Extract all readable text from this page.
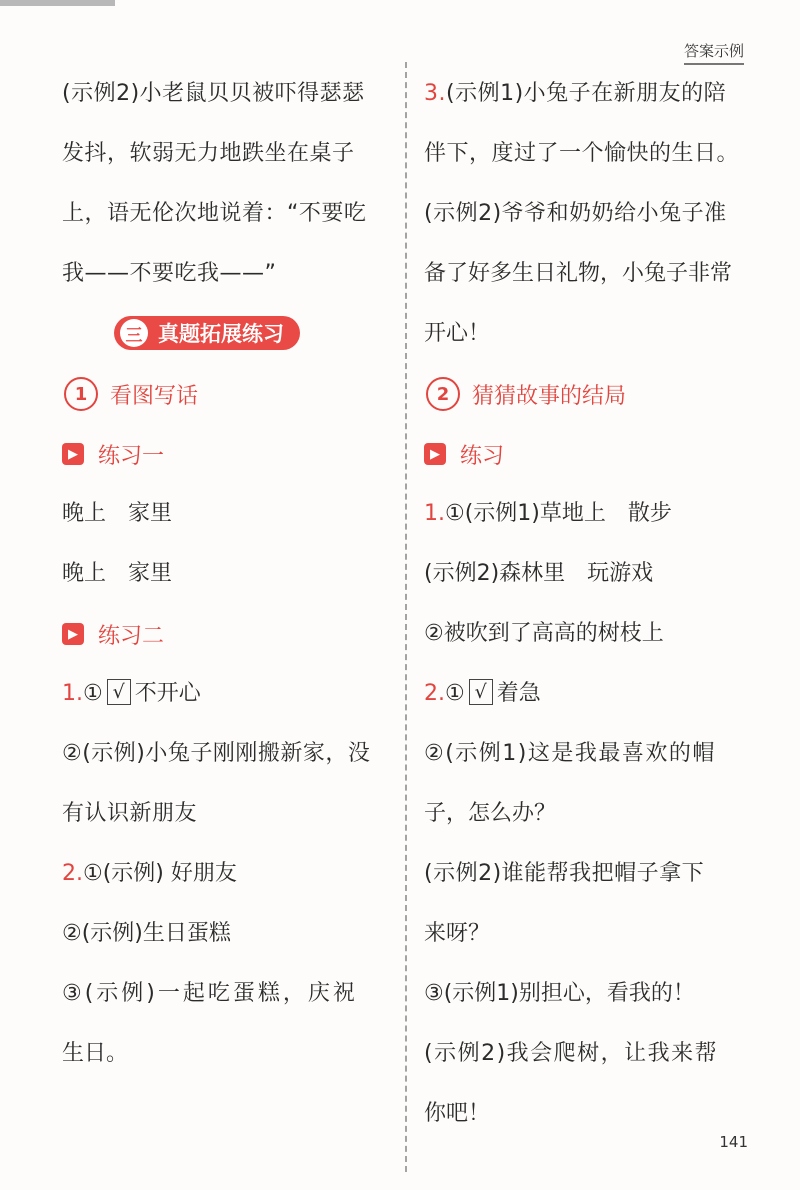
答案示例
(示例2)小老鼠贝贝被吓得瑟瑟
发抖，软弱无力地跌坐在桌子
上，语无伦次地说着：“不要吃
我——不要吃我——”
三 真题拓展练习
1	看图写话
▶ 练习一
晚上　家里
晚上　家里
▶ 练习二
1.① √ 不开心
②(示例)小兔子刚刚搬新家，没
有认识新朋友
2.①(示例) 好朋友
②(示例)生日蛋糕
③(示例)一起吃蛋糕，庆祝
生日。
3.(示例1)小兔子在新朋友的陪
伴下，度过了一个愉快的生日。
(示例2)爷爷和奶奶给小兔子准
备了好多生日礼物，小兔子非常
开心！
2	猜猜故事的结局
▶ 练习
1.①(示例1)草地上　散步
(示例2)森林里　玩游戏
②被吹到了高高的树枝上
2.① √ 着急
②(示例1)这是我最喜欢的帽
子，怎么办？
(示例2)谁能帮我把帽子拿下
来呀？
③(示例1)别担心，看我的！
(示例2)我会爬树，让我来帮
你吧！
141
